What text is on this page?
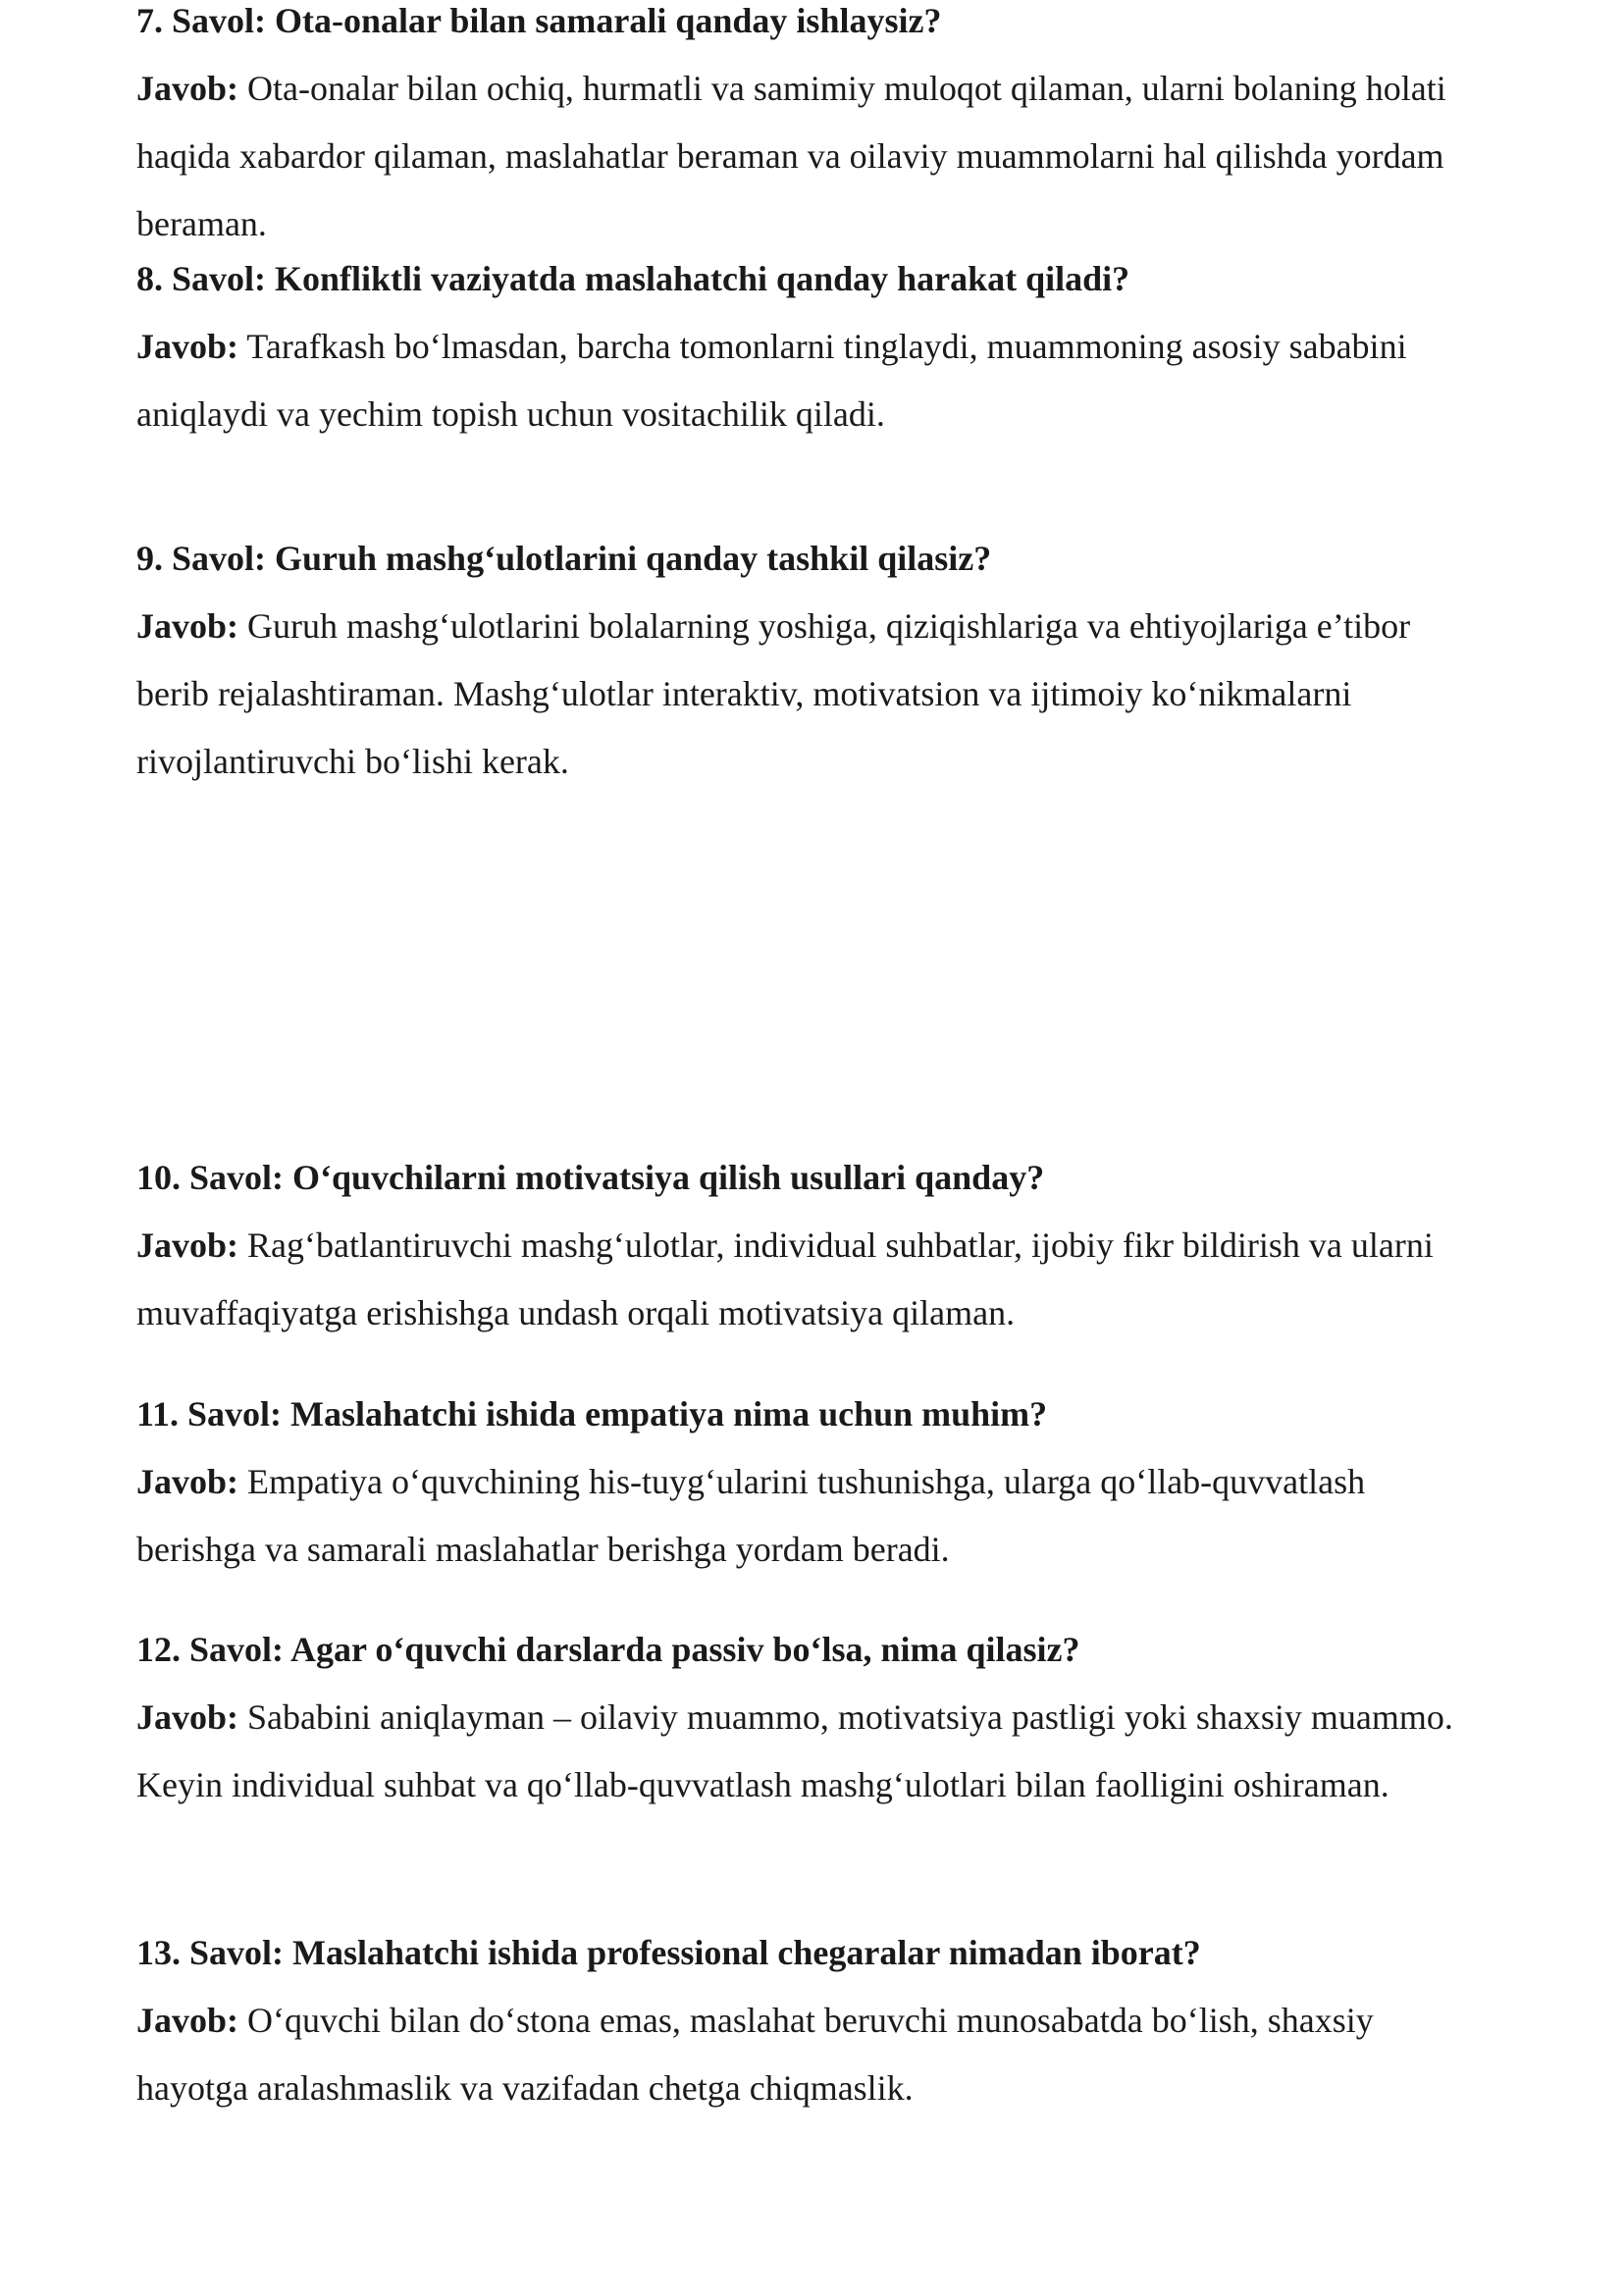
7. Savol: Ota-onalar bilan samarali qanday ishlaysiz?

Javob: Ota-onalar bilan ochiq, hurmatli va samimiy muloqot qilaman, ularni bolaning holati haqida xabardor qilaman, maslahatlar beraman va oilaviy muammolarni hal qilishda yordam beraman.

8. Savol: Konfliktli vaziyatda maslahatchi qanday harakat qiladi?

Javob: Tarafkash bo‘lmasdan, barcha tomonlarni tinglaydi, muammoning asosiy sababini aniqlaydi va yechim topish uchun vositachilik qiladi.

9. Savol: Guruh mashg‘ulotlarini qanday tashkil qilasiz?

Javob: Guruh mashg‘ulotlarini bolalarning yoshiga, qiziqishlariga va ehtiyojlariga e’tibor berib rejalashtiraman. Mashg‘ulotlar interaktiv, motivatsion va ijtimoiy ko‘nikmalarni rivojlantiruvchi bo‘lishi kerak.

10. Savol: O‘quvchilarni motivatsiya qilish usullari qanday?

Javob: Rag‘batlantiruvchi mashg‘ulotlar, individual suhbatlar, ijobiy fikr bildirish va ularni muvaffaqiyatga erishishga undash orqali motivatsiya qilaman.

11. Savol: Maslahatchi ishida empatiya nima uchun muhim?

Javob: Empatiya o‘quvchining his-tuyg‘ularini tushunishga, ularga qo‘llab-quvvatlash berishga va samarali maslahatlar berishga yordam beradi.

12. Savol: Agar o‘quvchi darslarda passiv bo‘lsa, nima qilasiz?

Javob: Sababini aniqlayman – oilaviy muammo, motivatsiya pastligi yoki shaxsiy muammo. Keyin individual suhbat va qo‘llab-quvvatlash mashg‘ulotlari bilan faolligini oshiraman.

13. Savol: Maslahatchi ishida professional chegaralar nimadan iborat?

Javob: O‘quvchi bilan do‘stona emas, maslahat beruvchi munosabatda bo‘lish, shaxsiy hayotga aralashmaslik va vazifadan chetga chiqmaslik.
